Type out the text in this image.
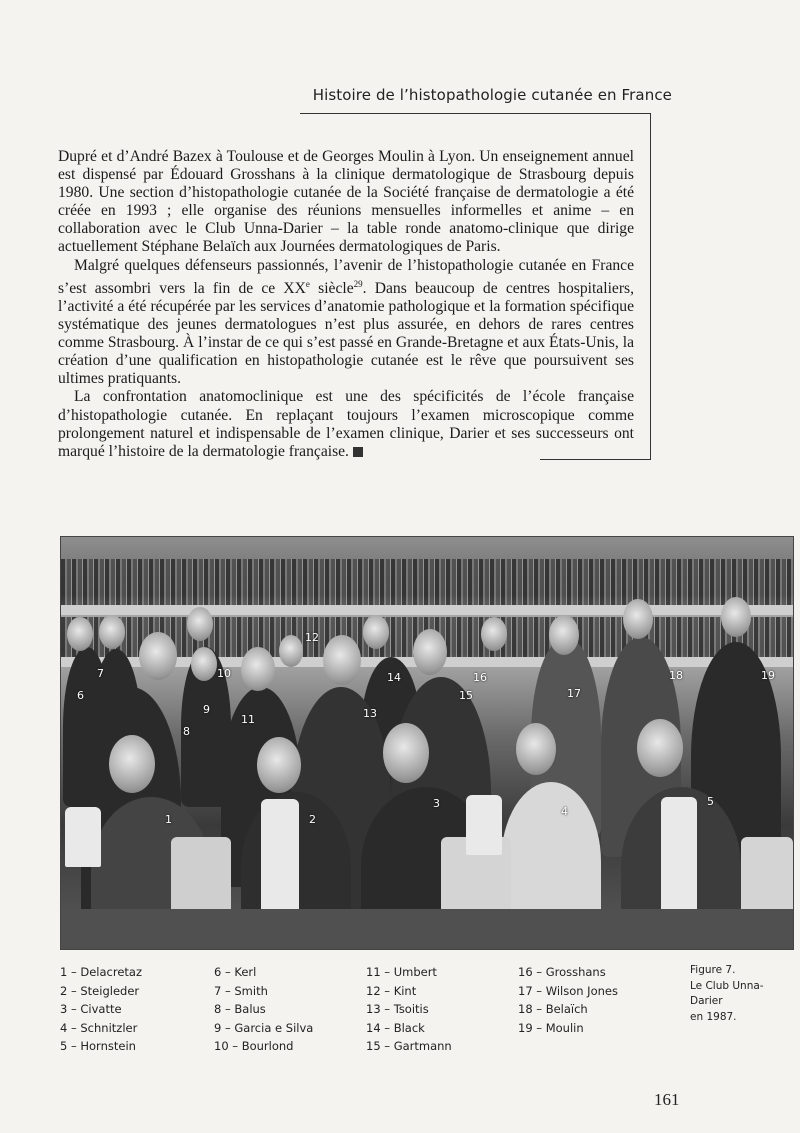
Histoire de l’histopathologie cutanée en France

Dupré et d’André Bazex à Toulouse et de Georges Moulin à Lyon. Un enseignement annuel est dispensé par Édouard Grosshans à la clinique dermatologique de Strasbourg depuis 1980. Une section d’histopathologie cutanée de la Société française de dermatologie a été créée en 1993 ; elle organise des réunions mensuelles informelles et anime – en collaboration avec le Club Unna-Darier – la table ronde anatomo-clinique que dirige actuellement Stéphane Belaïch aux Journées dermatologiques de Paris.

Malgré quelques défenseurs passionnés, l’avenir de l’histopathologie cutanée en France s’est assombri vers la fin de ce XXe siècle$^{29}$. Dans beaucoup de centres hospitaliers, l’activité a été récupérée par les services d’anatomie pathologique et la formation spécifique systématique des jeunes dermatologues n’est plus assurée, en dehors de rares centres comme Strasbourg. À l’instar de ce qui s’est passé en Grande-Bretagne et aux États-Unis, la création d’une qualification en histopathologie cutanée est le rêve que poursuivent ses ultimes pratiquants.

La confrontation anatomoclinique est une des spécificités de l’école française d’histopathologie cutanée. En replaçant toujours l’examen microscopique comme prolongement naturel et indispensable de l’examen clinique, Darier et ses successeurs ont marqué l’histoire de la dermatologie française.

1	2
3
4
5
6
7
8
9
10
11
12
13
14
15
16
17
18	19
1 – Delacretaz
2 – Steigleder
3 – Civatte
4 – Schnitzler
5 – Hornstein
6 – Kerl
7 – Smith
8 – Balus
9 – Garcia e Silva
10 – Bourlond
11 – Umbert
12 – Kint
13 – Tsoitis
14 – Black
15 – Gartmann
16 – Grosshans
17 – Wilson Jones
18 – Belaïch
19 – Moulin
Figure 7.
Le Club Unna-Darier
en 1987.
161
